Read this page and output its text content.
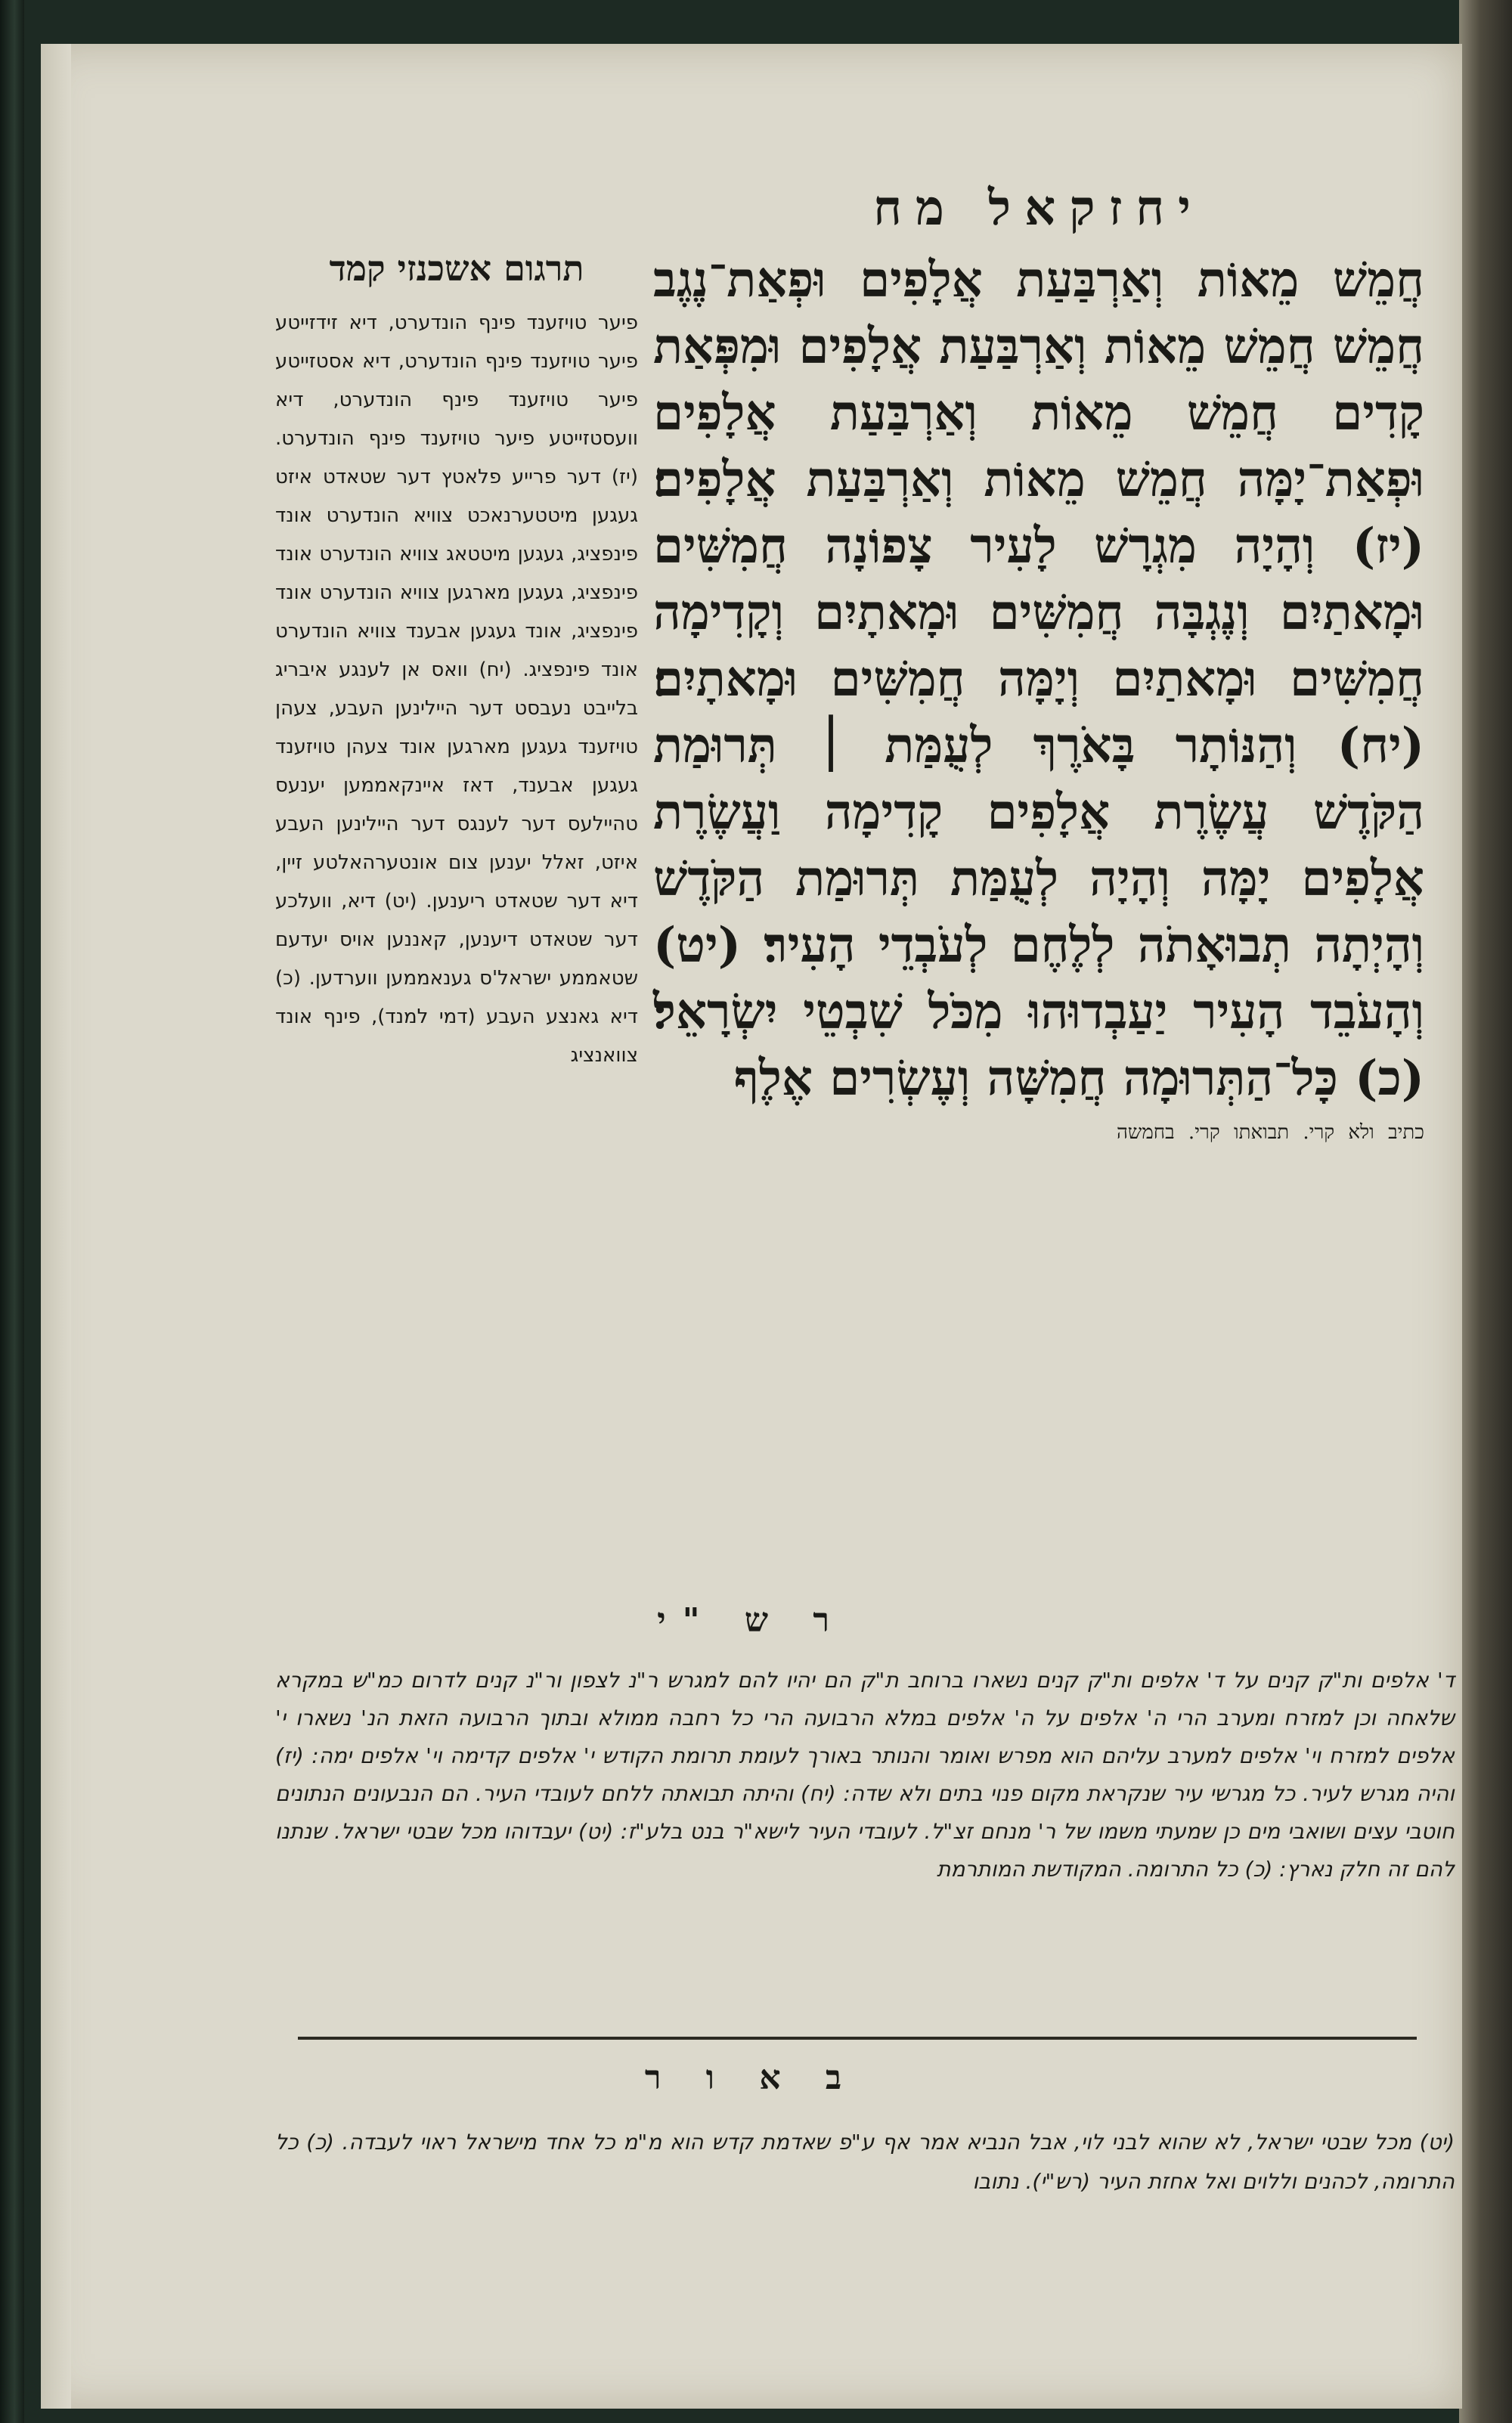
יחזקאל מח

חֲמֵשׁ מֵאוֹת וְאַרְבַּעַת אֲלָפִים וּפְאַת־נֶגֶב חֲמֵשׁ חֲמֵשׁ מֵאוֹת וְאַרְבַּעַת אֲלָפִים וּמִפְּאַת קָדִים חֲמֵשׁ מֵאוֹת וְאַרְבַּעַת אֲלָפִים וּפְאַת־יָמָּה חֲמֵשׁ מֵאוֹת וְאַרְבַּעַת אֲלָפִים׃ (יז) וְהָיָה מִגְרָשׁ לָעִיר צָפוֹנָה חֲמִשִּׁים וּמָאתַיִם וְנֶגְבָּה חֲמִשִּׁים וּמָאתָיִם וְקָדִימָה חֲמִשִּׁים וּמָאתַיִם וְיָמָּה חֲמִשִּׁים וּמָאתָיִם׃ (יח) וְהַנּוֹתָר בָּאֹרֶךְ לְעֻמַּת ׀ תְּרוּמַת הַקֹּדֶשׁ עֲשֶׂרֶת אֲלָפִים קָדִימָה וַעֲשֶׂרֶת אֲלָפִים יָמָּה וְהָיָה לְעֻמַּת תְּרוּמַת הַקֹּדֶשׁ וְהָיְתָה תְבוּאָתֹה לְלֶחֶם לְעֹבְדֵי הָעִיר׃ (יט) וְהָעֹבֵד הָעִיר יַעַבְדוּהוּ מִכֹּל שִׁבְטֵי יִשְׂרָאֵל׃ (כ) כָּל־הַתְּרוּמָה חֲמִשָּׁה וְעֶשְׂרִים אֶלֶף

כתיב ולא קרי. תבואתו קרי. בחמשה
תרגום אשכנזי קמד

פיער טויזענד פינף הונדערט, דיא זידזייטע פיער טויזענד פינף הונדערט, דיא אסטזייטע פיער טויזענד פינף הונדערט, דיא וועסטזייטע פיער טויזענד פינף הונדערט. (יז) דער פרייע פלאטץ דער שטאדט איזט געגען מיטטערנאכט צוויא הונדערט אונד פינפציג, געגען מיטטאג צוויא הונדערט אונד פינפציג, געגען מארגען צוויא הונדערט אונד פינפציג, אונד געגען אבענד צוויא הונדערט אונד פינפציג. (יח) וואס אן לענגע איבריג בלייבט נעבסט דער היילינען העבע, צעהן טויזענד געגען מארגען אונד צעהן טויזענד געגען אבענד, דאז איינקאממען יענעס טהיילעס דער לענגס דער היילינען העבע איזט, זאלל יענען צום אונטערהאלטע זיין, דיא דער שטאדט ריענען. (יט) דיא, וועלכע דער שטאדט דיענען, קאננען אויס יעדעם שטאממע ישראל'ס גענאממען ווערדען. (כ) דיא גאנצע העבע (דמי למנד), פינף אונד צוואנציג

ר ש "י

ד' אלפים ות"ק קנים על ד' אלפים ות"ק קנים נשארו ברוחב ת"ק הם יהיו להם למגרש ר"נ לצפון ור"נ קנים לדרום כמ"ש במקרא שלאחה וכן למזרח ומערב הרי ה' אלפים על ה' אלפים במלא הרבועה הרי כל רחבה ממולא ובתוך הרבועה הזאת הנ' נשארו י' אלפים למזרח וי' אלפים למערב עליהם הוא מפרש ואומר והנותר באורך לעומת תרומת הקודש י' אלפים קדימה וי' אלפים ימה: (יז) והיה מגרש לעיר. כל מגרשי עיר שנקראת מקום פנוי בתים ולא שדה: (יח) והיתה תבואתה ללחם לעובדי העיר. הם הנבעונים הנתונים חוטבי עצים ושואבי מים כן שמעתי משמו של ר' מנחם זצ"ל. לעובדי העיר לישא"ר בנט בלע"ז: (יט) יעבדוהו מכל שבטי ישראל. שנתנו להם זה חלק נארץ: (כ) כל התרומה. המקודשת המותרמת

ב א ו ר

(יט) מכל שבטי ישראל, לא שהוא לבני לוי, אבל הנביא אמר אף ע"פ שאדמת קדש הוא מ"מ כל אחד מישראל ראוי לעבדה. (כ) כל התרומה, לכהנים וללוים ואל אחזת העיר (רש"י). נתובו
